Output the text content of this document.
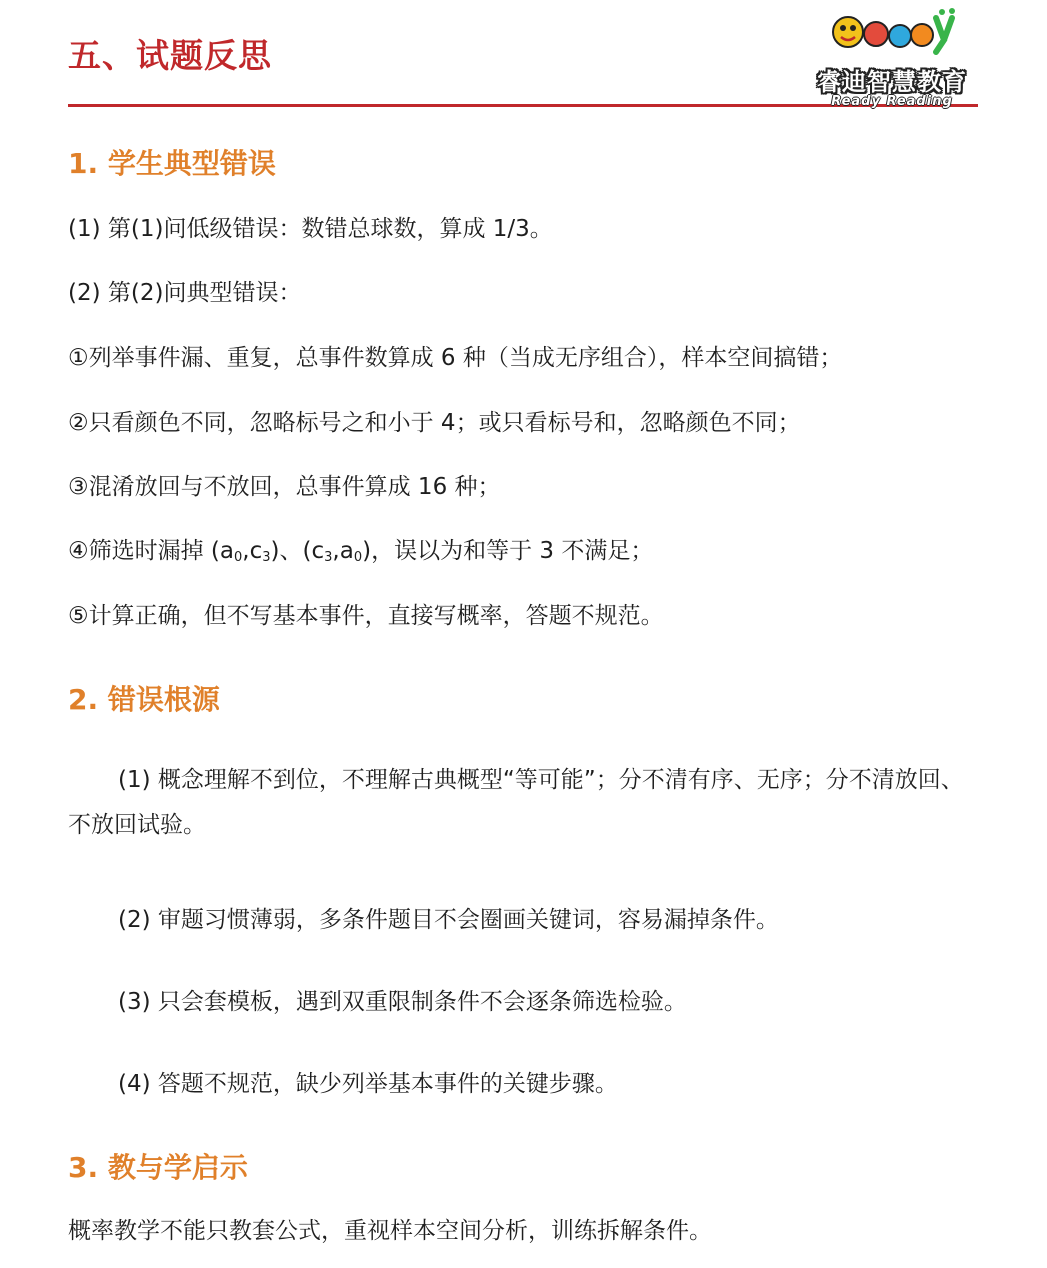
五、试题反思
睿迪智慧教育
Ready Reading
1. 学生典型错误
(1) 第(1)问低级错误：数错总球数，算成 1/3。
(2) 第(2)问典型错误：
①列举事件漏、重复，总事件数算成 6 种（当成无序组合），样本空间搞错；
②只看颜色不同，忽略标号之和小于 4；或只看标号和，忽略颜色不同；
③混淆放回与不放回，总事件算成 16 种；
④筛选时漏掉 $(a_0,c_3)$、$(c_3,a_0)$，误以为和等于 3 不满足；
⑤计算正确，但不写基本事件，直接写概率，答题不规范。
2. 错误根源
(1) 概念理解不到位，不理解古典概型“等可能”；分不清有序、无序；分不清放回、不放回试验。
(2) 审题习惯薄弱，多条件题目不会圈画关键词，容易漏掉条件。
(3) 只会套模板，遇到双重限制条件不会逐条筛选检验。
(4) 答题不规范，缺少列举基本事件的关键步骤。
3. 教与学启示
概率教学不能只教套公式，重视样本空间分析，训练拆解条件。
